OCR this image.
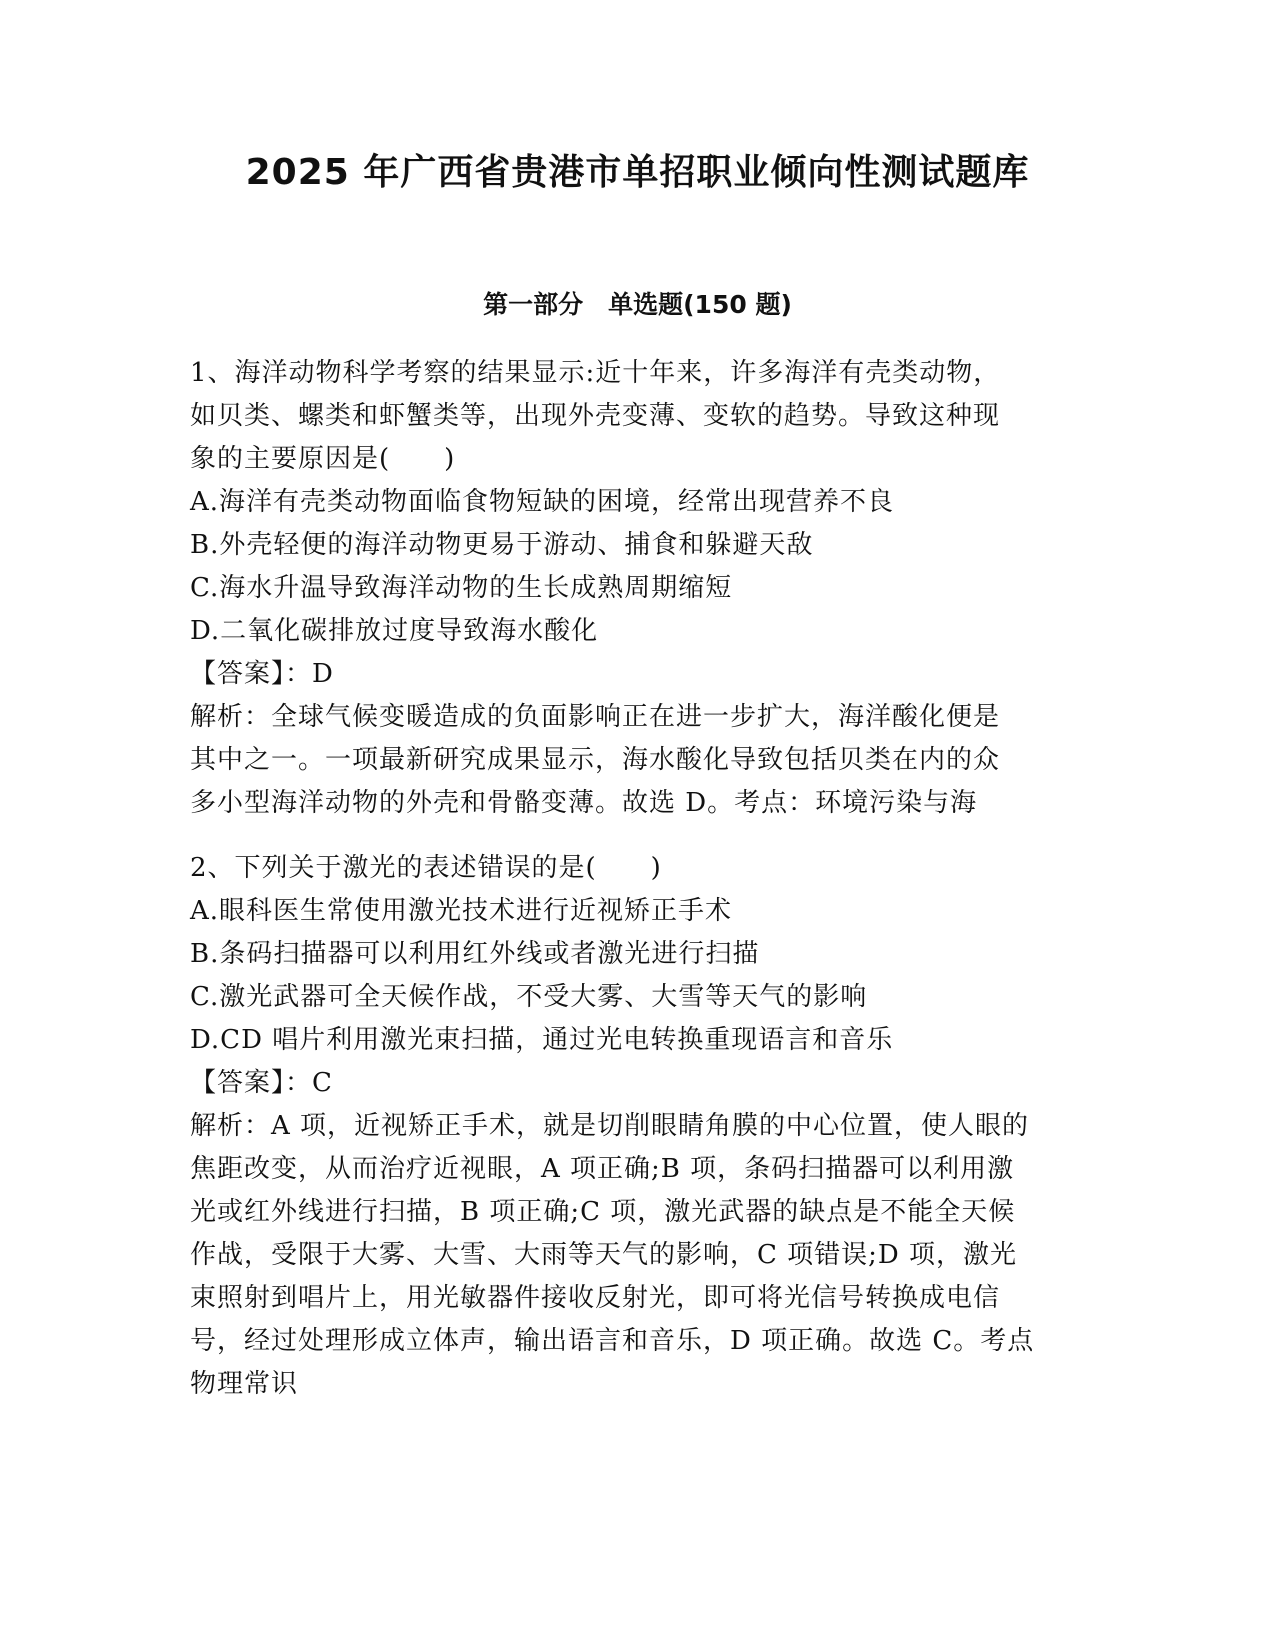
2025 年广西省贵港市单招职业倾向性测试题库
第一部分　单选题(150 题)
1、海洋动物科学考察的结果显示:近十年来，许多海洋有壳类动物，
如贝类、螺类和虾蟹类等，出现外壳变薄、变软的趋势。导致这种现
象的主要原因是(　　)
A.海洋有壳类动物面临食物短缺的困境，经常出现营养不良
B.外壳轻便的海洋动物更易于游动、捕食和躲避天敌
C.海水升温导致海洋动物的生长成熟周期缩短
D.二氧化碳排放过度导致海水酸化
【答案】：D
解析：全球气候变暖造成的负面影响正在进一步扩大，海洋酸化便是
其中之一。一项最新研究成果显示，海水酸化导致包括贝类在内的众
多小型海洋动物的外壳和骨骼变薄。故选 D。考点：环境污染与海
2、下列关于激光的表述错误的是(　　)
A.眼科医生常使用激光技术进行近视矫正手术
B.条码扫描器可以利用红外线或者激光进行扫描
C.激光武器可全天候作战，不受大雾、大雪等天气的影响
D.CD 唱片利用激光束扫描，通过光电转换重现语言和音乐
【答案】：C
解析：A 项，近视矫正手术，就是切削眼睛角膜的中心位置，使人眼的
焦距改变，从而治疗近视眼，A 项正确;B 项，条码扫描器可以利用激
光或红外线进行扫描，B 项正确;C 项，激光武器的缺点是不能全天候
作战，受限于大雾、大雪、大雨等天气的影响，C 项错误;D 项，激光
束照射到唱片上，用光敏器件接收反射光，即可将光信号转换成电信
号，经过处理形成立体声，输出语言和音乐，D 项正确。故选 C。考点
物理常识
